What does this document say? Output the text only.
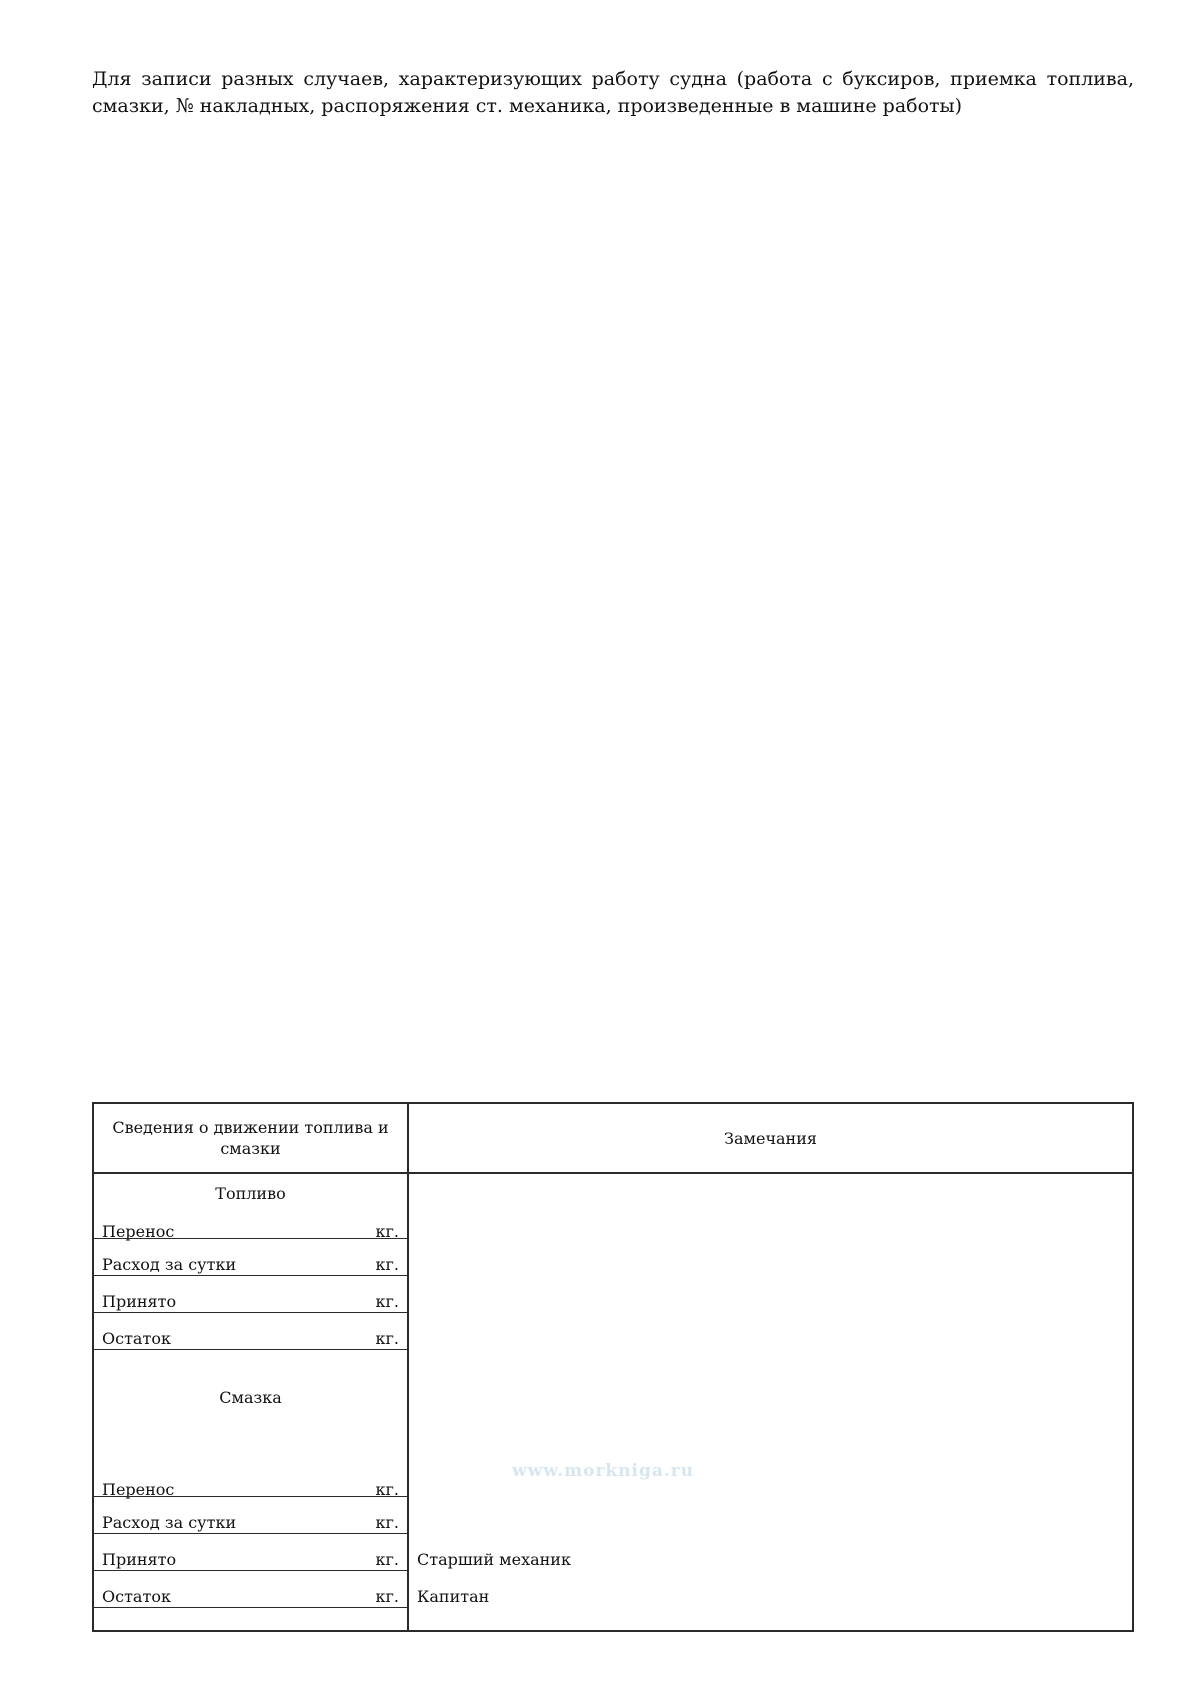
Для записи разных случаев, характеризующих работу судна (работа с буксиров, приемка топлива, смазки, № накладных, распоряжения ст. механика, произведенные в машине работы)

Сведения о движении топлива и смазки
Замечания
Топливо
Перенос	кг.
Расход за сутки	кг.
Принято	кг.
Остаток	кг.
Смазка
Перенос	кг.
Расход за сутки	кг.
Принято	кг.
Остаток	кг.
Старший механик
Капитан
www.morkniga.ru
